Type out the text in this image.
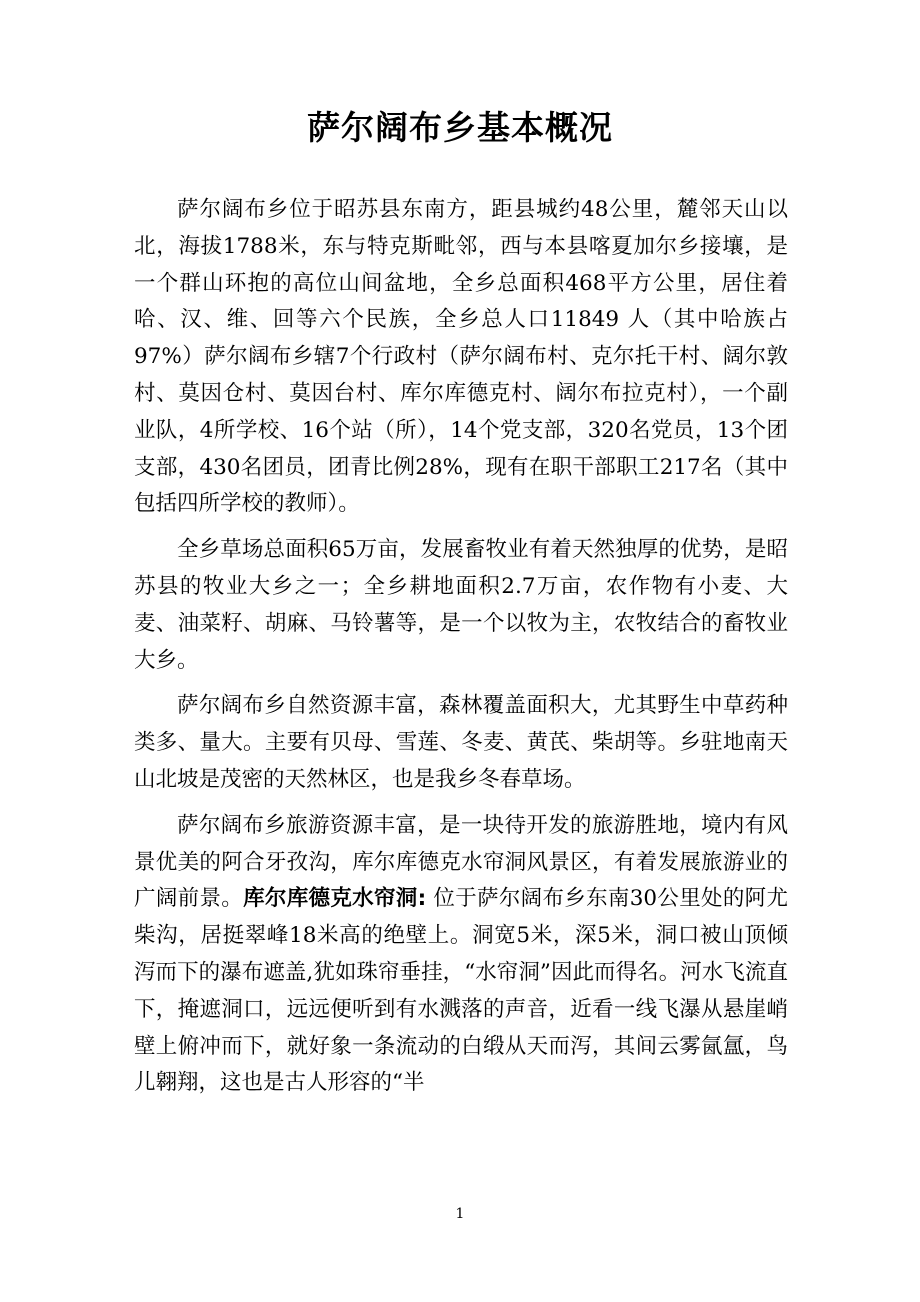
萨尔阔布乡基本概况

萨尔阔布乡位于昭苏县东南方，距县城约48公里，麓邻天山以北，海拔1788米，东与特克斯毗邻，西与本县喀夏加尔乡接壤，是一个群山环抱的高位山间盆地，全乡总面积468平方公里，居住着哈、汉、维、回等六个民族，全乡总人口11849 人（其中哈族占97%）萨尔阔布乡辖7个行政村（萨尔阔布村、克尔托干村、阔尔敦村、莫因仓村、莫因台村、库尔库德克村、阔尔布拉克村），一个副业队，4所学校、16个站（所），14个党支部，320名党员，13个团支部，430名团员，团青比例28%，现有在职干部职工217名（其中包括四所学校的教师）。

全乡草场总面积65万亩，发展畜牧业有着天然独厚的优势，是昭苏县的牧业大乡之一；全乡耕地面积2.7万亩，农作物有小麦、大麦、油菜籽、胡麻、马铃薯等，是一个以牧为主，农牧结合的畜牧业大乡。

萨尔阔布乡自然资源丰富，森林覆盖面积大，尤其野生中草药种类多、量大。主要有贝母、雪莲、冬麦、黄芪、柴胡等。乡驻地南天山北坡是茂密的天然林区，也是我乡冬春草场。

萨尔阔布乡旅游资源丰富，是一块待开发的旅游胜地，境内有风景优美的阿合牙孜沟，库尔库德克水帘洞风景区，有着发展旅游业的广阔前景。库尔库德克水帘洞: 位于萨尔阔布乡东南30公里处的阿尤柴沟，居挺翠峰18米高的绝壁上。洞宽5米，深5米，洞口被山顶倾泻而下的瀑布遮盖,犹如珠帘垂挂，“水帘洞”因此而得名。河水飞流直下，掩遮洞口，远远便听到有水溅落的声音，近看一线飞瀑从悬崖峭壁上俯冲而下，就好象一条流动的白缎从天而泻，其间云雾氤氲，鸟儿翱翔，这也是古人形容的“半

1
